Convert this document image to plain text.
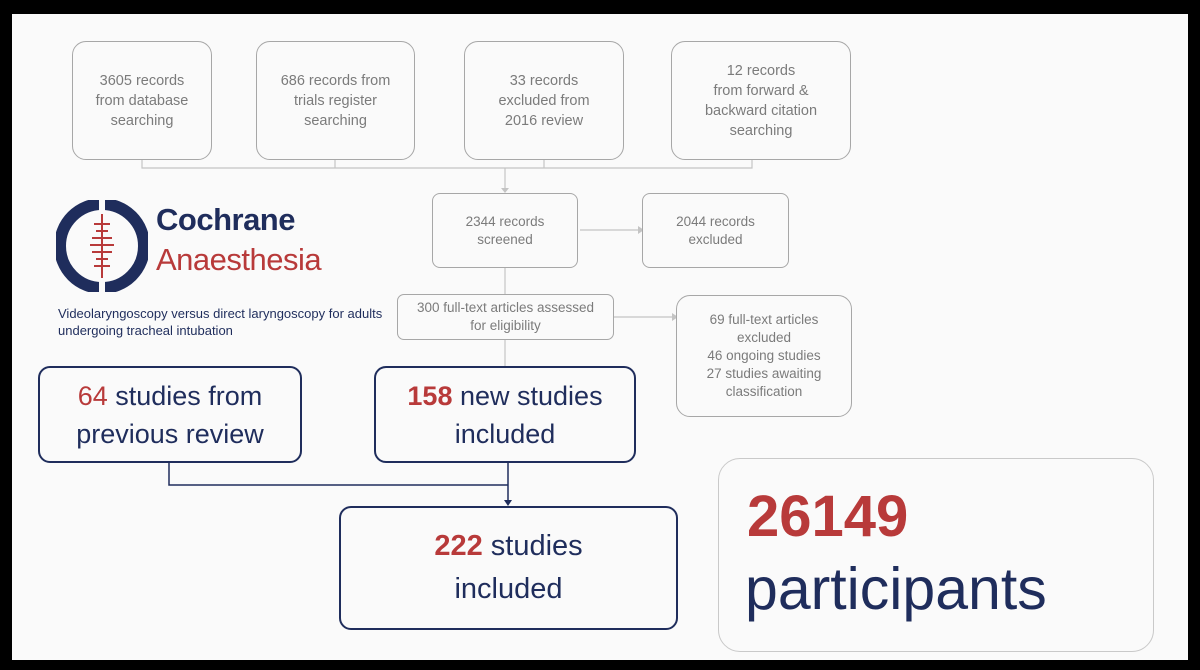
3605 records
from database
searching
686 records from
trials register
searching
33 records
excluded from
2016 review
12 records
from forward &
backward citation
searching
2344 records
screened
2044 records
excluded
300 full-text articles assessed
for eligibility	69 full-text articles
excluded
46 ongoing studies
27 studies awaiting
classification
64 studies from
previous review
158 new studies
included
222 studies
included
Cochrane
Anaesthesia
Videolaryngoscopy versus direct laryngoscopy for adults undergoing tracheal intubation
26149
participants
